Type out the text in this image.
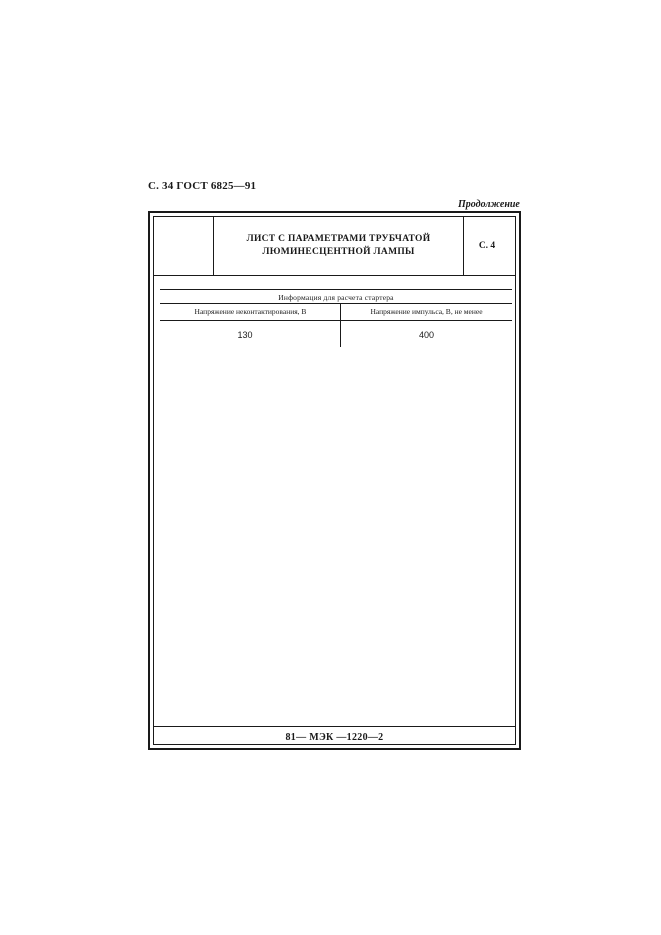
С. 34 ГОСТ 6825—91
Продолжение
ЛИСТ С ПАРАМЕТРАМИ ТРУБЧАТОЙ
ЛЮМИНЕСЦЕНТНОЙ ЛАМПЫ
С. 4
Информация для расчета стартера
Напряжение неконтактирования, В	Напряжение импульса, В, не менее
130	400
81— МЭК —1220—2
